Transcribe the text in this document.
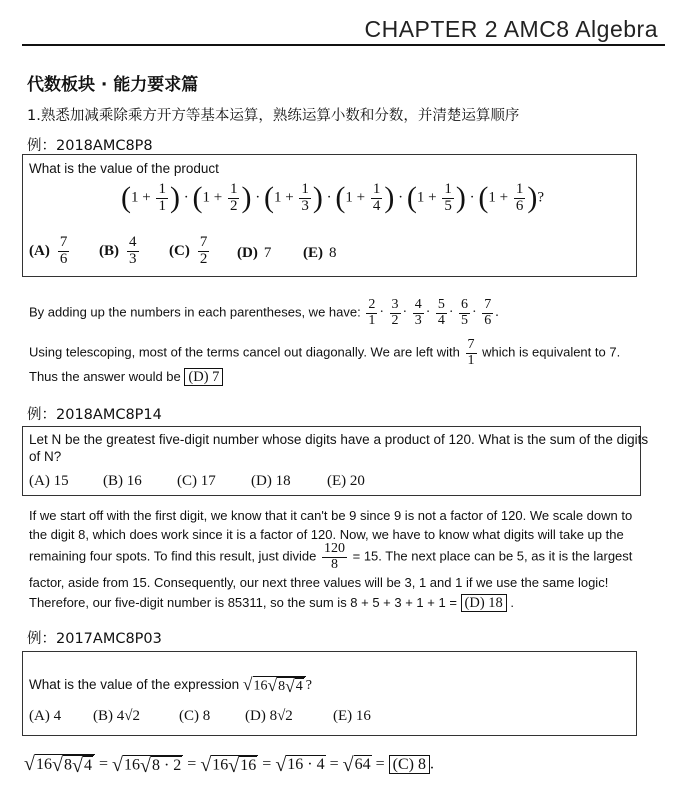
CHAPTER 2 AMC8 Algebra
代数板块 · 能力要求篇
1.熟悉加减乘除乘方开方等基本运算，熟练运算小数和分数，并清楚运算顺序
例：2018AMC8P8
What is the value of the product
($1 + \frac{1}{1}$ ) · ($1 + \frac{1}{2}$ ) · ($1 + \frac{1}{3}$ ) · ($1 + \frac{1}{4}$ ) · ($1 + \frac{1}{5}$ ) · ($1 + \frac{1}{6}$ )?
$(A) \frac{7}{6} (B) \frac{4}{3} (C) \frac{7}{2} (D)$ 7 (E) 8
By adding up the numbers in each parentheses, we have: $\frac{2}{1} \cdot \frac{3}{2} \cdot \frac{4}{3} \cdot \frac{5}{4} \cdot \frac{6}{5} \cdot \frac{7}{6}$ .
Using telescoping, most of the terms cancel out diagonally. We are left with $\frac{7}{1}$ which is equivalent to 7.
Thus the answer would be (D) 7
例：2018AMC8P14
Let N be the greatest five-digit number whose digits have a product of 120. What is the sum of the digits
of N?
(A) 15 (B) 16 (C) 17 (D) 18 (E) 20
If we start off with the first digit, we know that it can't be 9 since 9 is not a factor of 120. We scale down to
the digit 8, which does work since it is a factor of 120. Now, we have to know what digits will take up the
remaining four spots. To find this result, just divide $\frac{120}{8} = 15$. The next place can be 5, as it is the largest
factor, aside from 15. Consequently, our next three values will be 3, 1 and 1 if we use the same logic!
Therefore, our five-digit number is 85311, so the sum is 8 + 5 + 3 + 1 + 1 = (D) 18 .
例：2017AMC8P03
What is the value of the expression √ 16 √ 8 √ 4 ?
(A) 4 (B) 4√2	(C) 8 (D) 8√2	(E) 16
√ 16 √ 8 √ 4 = √ 16 √ 8 · 2 = √ 16 √ 16 = √ 16 · 4 = √ 64 = (C) 8 .
